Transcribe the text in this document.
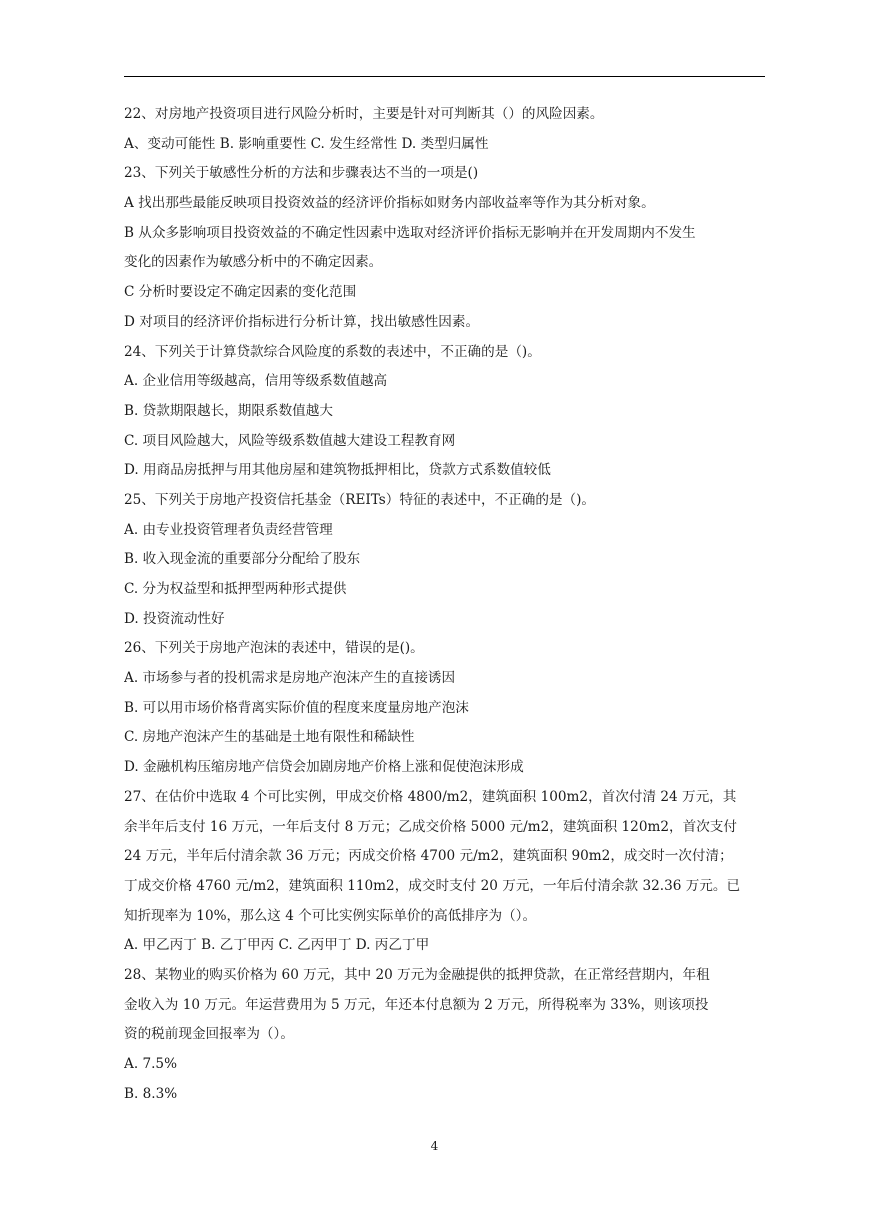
22、对房地产投资项目进行风险分析时，主要是针对可判断其（）的风险因素。
A、变动可能性 B. 影响重要性 C. 发生经常性 D. 类型归属性
23、下列关于敏感性分析的方法和步骤表达不当的一项是()
A 找出那些最能反映项目投资效益的经济评价指标如财务内部收益率等作为其分析对象。
B 从众多影响项目投资效益的不确定性因素中选取对经济评价指标无影响并在开发周期内不发生
变化的因素作为敏感分析中的不确定因素。
C 分析时要设定不确定因素的变化范围
D 对项目的经济评价指标进行分析计算，找出敏感性因素。
24、下列关于计算贷款综合风险度的系数的表述中，不正确的是（)。
A. 企业信用等级越高，信用等级系数值越高
B. 贷款期限越长，期限系数值越大
C. 项目风险越大，风险等级系数值越大建设工程教育网
D. 用商品房抵押与用其他房屋和建筑物抵押相比，贷款方式系数值较低
25、下列关于房地产投资信托基金（REITs）特征的表述中，不正确的是（)。
A. 由专业投资管理者负责经营管理
B. 收入现金流的重要部分分配给了股东
C. 分为权益型和抵押型两种形式提供
D. 投资流动性好
26、下列关于房地产泡沫的表述中，错误的是()。
A. 市场参与者的投机需求是房地产泡沫产生的直接诱因
B. 可以用市场价格背离实际价值的程度来度量房地产泡沫
C. 房地产泡沫产生的基础是土地有限性和稀缺性
D. 金融机构压缩房地产信贷会加剧房地产价格上涨和促使泡沫形成
27、在估价中选取 4 个可比实例，甲成交价格 4800/m2，建筑面积 100m2，首次付清 24 万元，其
余半年后支付 16 万元，一年后支付 8 万元；乙成交价格 5000 元/m2，建筑面积 120m2，首次支付
24 万元，半年后付清余款 36 万元；丙成交价格 4700 元/m2，建筑面积 90m2，成交时一次付清；
丁成交价格 4760 元/m2，建筑面积 110m2，成交时支付 20 万元，一年后付清余款 32.36 万元。已
知折现率为 10%，那么这 4 个可比实例实际单价的高低排序为（）。
A. 甲乙丙丁 B. 乙丁甲丙 C. 乙丙甲丁 D. 丙乙丁甲
28、某物业的购买价格为 60 万元，其中 20 万元为金融提供的抵押贷款，在正常经营期内，年租
金收入为 10 万元。年运营费用为 5 万元，年还本付息额为 2 万元，所得税率为 33%，则该项投
资的税前现金回报率为（）。
A. 7.5%
B. 8.3%
4
